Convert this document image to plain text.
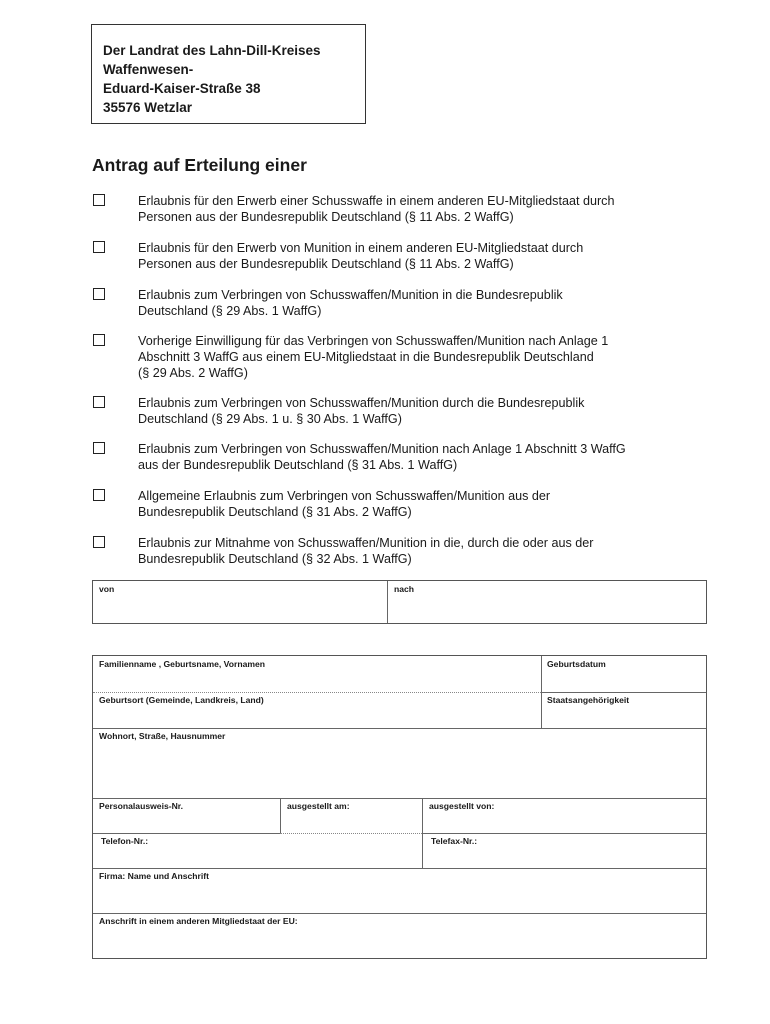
Der Landrat des Lahn-Dill-Kreises
Waffenwesen-
Eduard-Kaiser-Straße 38
35576 Wetzlar
Antrag auf Erteilung einer
Erlaubnis für den Erwerb einer Schusswaffe in einem anderen EU-Mitgliedstaat durch
Personen aus der Bundesrepublik Deutschland (§ 11 Abs. 2 WaffG)
Erlaubnis für den Erwerb von Munition in einem anderen EU-Mitgliedstaat durch
Personen aus der Bundesrepublik Deutschland (§ 11 Abs. 2 WaffG)
Erlaubnis zum Verbringen von Schusswaffen/Munition in die Bundesrepublik
Deutschland (§ 29 Abs. 1 WaffG)
Vorherige Einwilligung für das Verbringen von Schusswaffen/Munition nach Anlage 1
Abschnitt 3 WaffG aus einem EU-Mitgliedstaat in die Bundesrepublik Deutschland
(§ 29 Abs. 2 WaffG)
Erlaubnis zum Verbringen von Schusswaffen/Munition durch die Bundesrepublik
Deutschland (§ 29 Abs. 1 u. § 30 Abs. 1 WaffG)
Erlaubnis zum Verbringen von Schusswaffen/Munition nach Anlage 1 Abschnitt 3 WaffG
aus der Bundesrepublik Deutschland (§ 31 Abs. 1 WaffG)
Allgemeine Erlaubnis zum Verbringen von Schusswaffen/Munition aus der
Bundesrepublik Deutschland (§ 31 Abs. 2 WaffG)
Erlaubnis zur Mitnahme von Schusswaffen/Munition in die, durch die oder aus der
Bundesrepublik Deutschland (§ 32 Abs. 1 WaffG)
von	nach
Familienname , Geburtsname, Vornamen	Geburtsdatum
Geburtsort (Gemeinde, Landkreis, Land)	Staatsangehörigkeit
Wohnort, Straße, Hausnummer
Personalausweis-Nr.	ausgestellt am:	ausgestellt von:
Telefon-Nr.:	Telefax-Nr.:
Firma: Name und Anschrift
Anschrift in einem anderen Mitgliedstaat der EU:
